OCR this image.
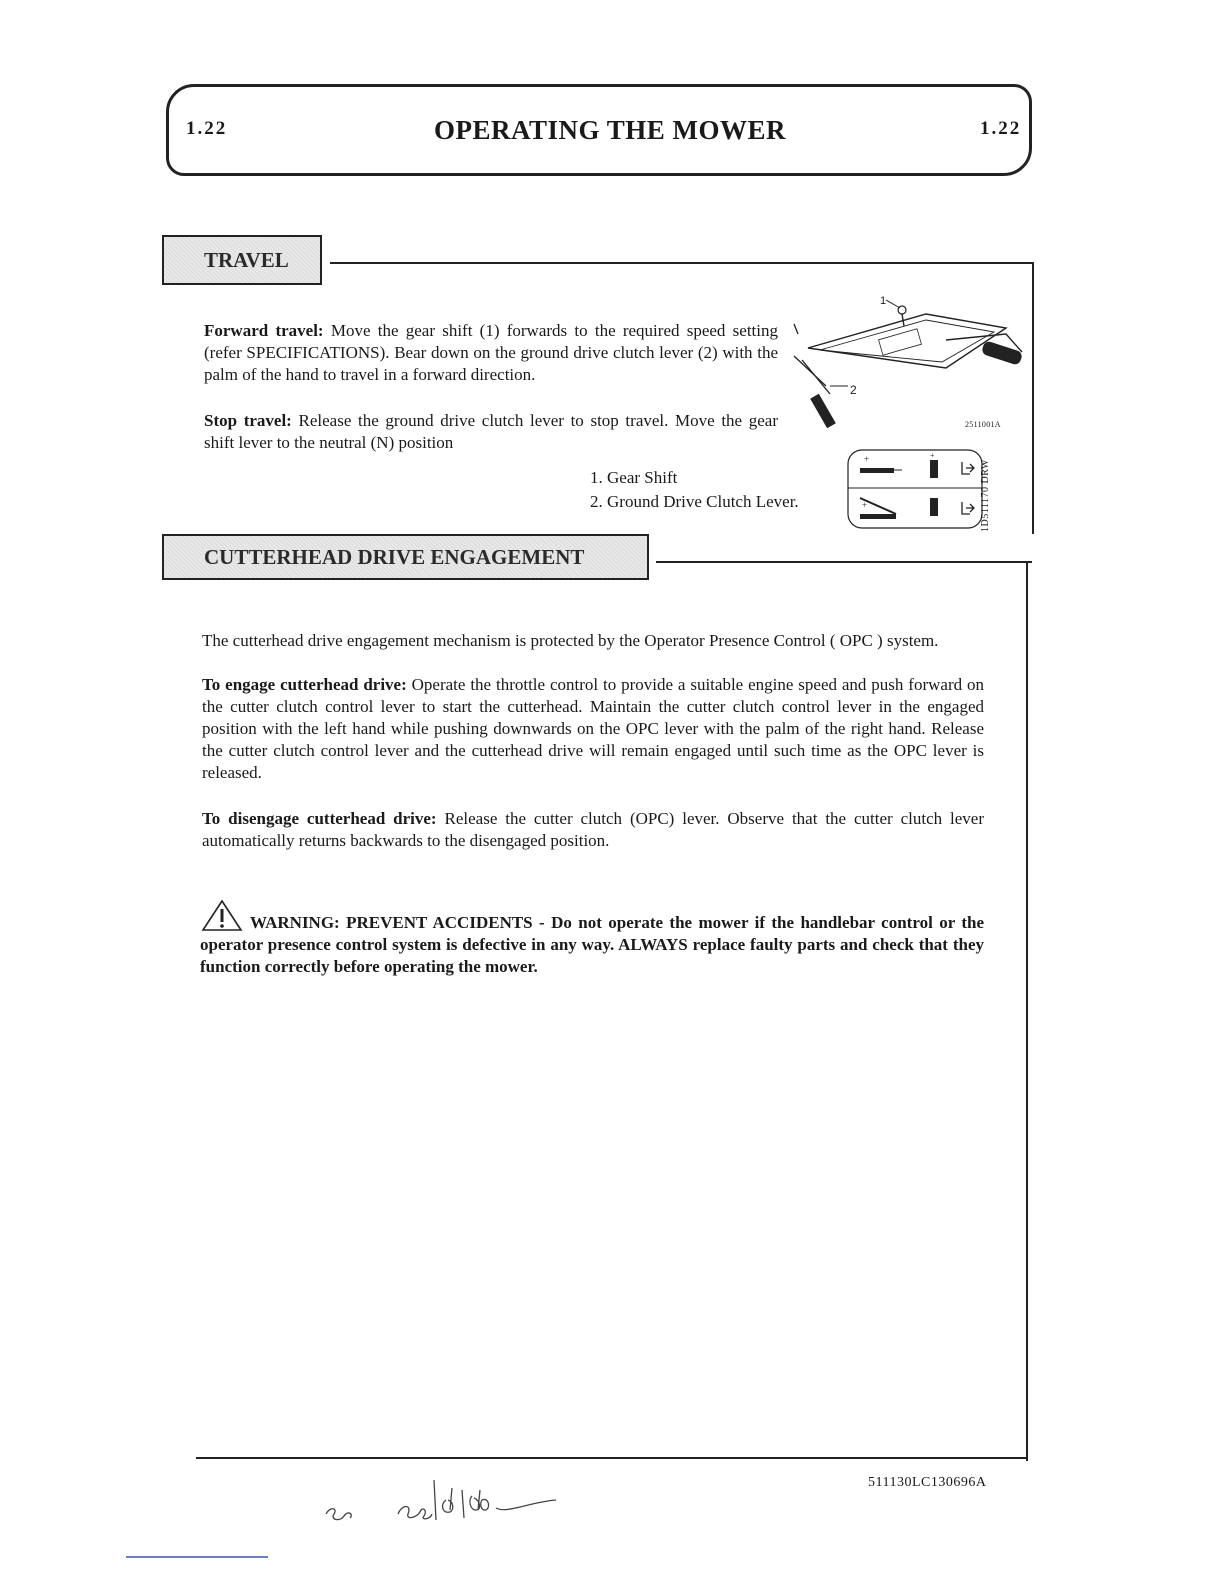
1.22	OPERATING THE MOWER	1.22
TRAVEL
Forward travel: Move the gear shift (1) forwards to the required speed setting (refer SPECIFICATIONS). Bear down on the ground drive clutch lever (2) with the palm of the hand to travel in a forward direction.
Stop travel: Release the ground drive clutch lever to stop travel. Move the gear shift lever to the neutral (N) position
1. Gear Shift
2. Ground Drive Clutch Lever.
1
2
2511001A
+	+
+	1D511170 DRW
CUTTERHEAD DRIVE ENGAGEMENT
The cutterhead drive engagement mechanism is protected by the Operator Presence Control ( OPC ) system.
To engage cutterhead drive: Operate the throttle control to provide a suitable engine speed and push forward on the cutter clutch control lever to start the cutterhead. Maintain the cutter clutch control lever in the engaged position with the left hand while pushing downwards on the OPC lever with the palm of the right hand. Release the cutter clutch control lever and the cutterhead drive will remain engaged until such time as the OPC lever is released.
To disengage cutterhead drive: Release the cutter clutch (OPC) lever. Observe that the cutter clutch lever automatically returns backwards to the disengaged position.
WARNING: PREVENT ACCIDENTS - Do not operate the mower if the handlebar control or the operator presence control system is defective in any way. ALWAYS replace faulty parts and check that they function correctly before operating the mower.
511130LC130696A
